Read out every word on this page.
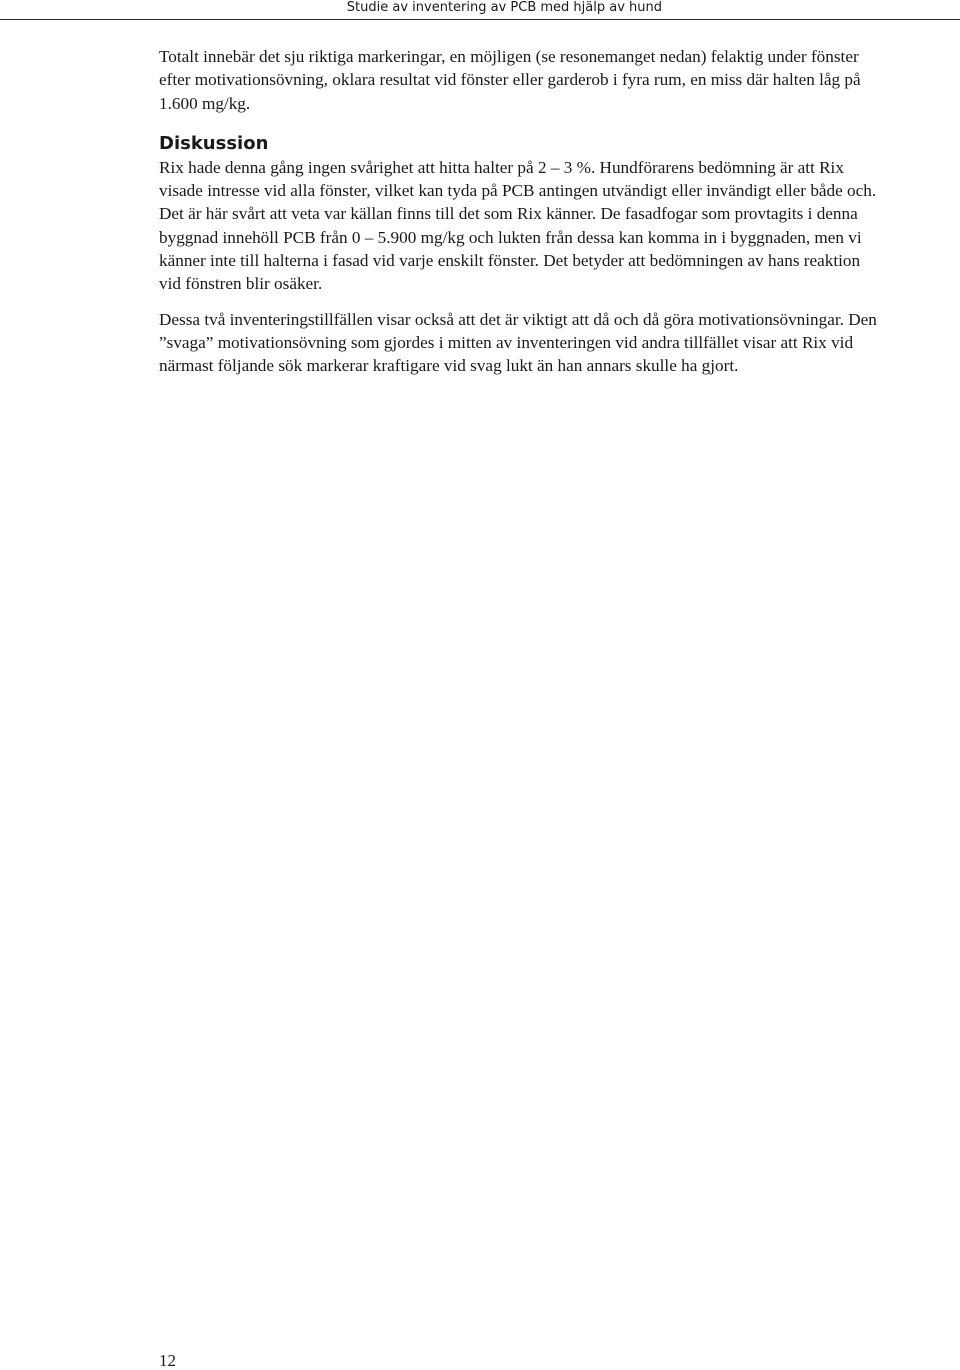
Studie av inventering av PCB med hjälp av hund

Totalt innebär det sju riktiga markeringar, en möjligen (se resonemanget nedan) felaktig under fönster efter motivationsövning, oklara resultat vid fönster eller garderob i fyra rum, en miss där halten låg på 1.600 mg/kg.

Diskussion

Rix hade denna gång ingen svårighet att hitta halter på 2 – 3 %. Hundförarens bedömning är att Rix visade intresse vid alla fönster, vilket kan tyda på PCB antingen utvändigt eller invändigt eller både och. Det är här svårt att veta var källan finns till det som Rix känner. De fasadfogar som provtagits i denna byggnad innehöll PCB från 0 – 5.900 mg/kg och lukten från dessa kan komma in i byggnaden, men vi känner inte till halterna i fasad vid varje enskilt fönster. Det betyder att bedömningen av hans reaktion vid fönstren blir osäker.

Dessa två inventeringstillfällen visar också att det är viktigt att då och då göra motivationsövningar. Den ”svaga” motivationsövning som gjordes i mitten av inventeringen vid andra tillfället visar att Rix vid närmast följande sök markerar kraftigare vid svag lukt än han annars skulle ha gjort.

12
